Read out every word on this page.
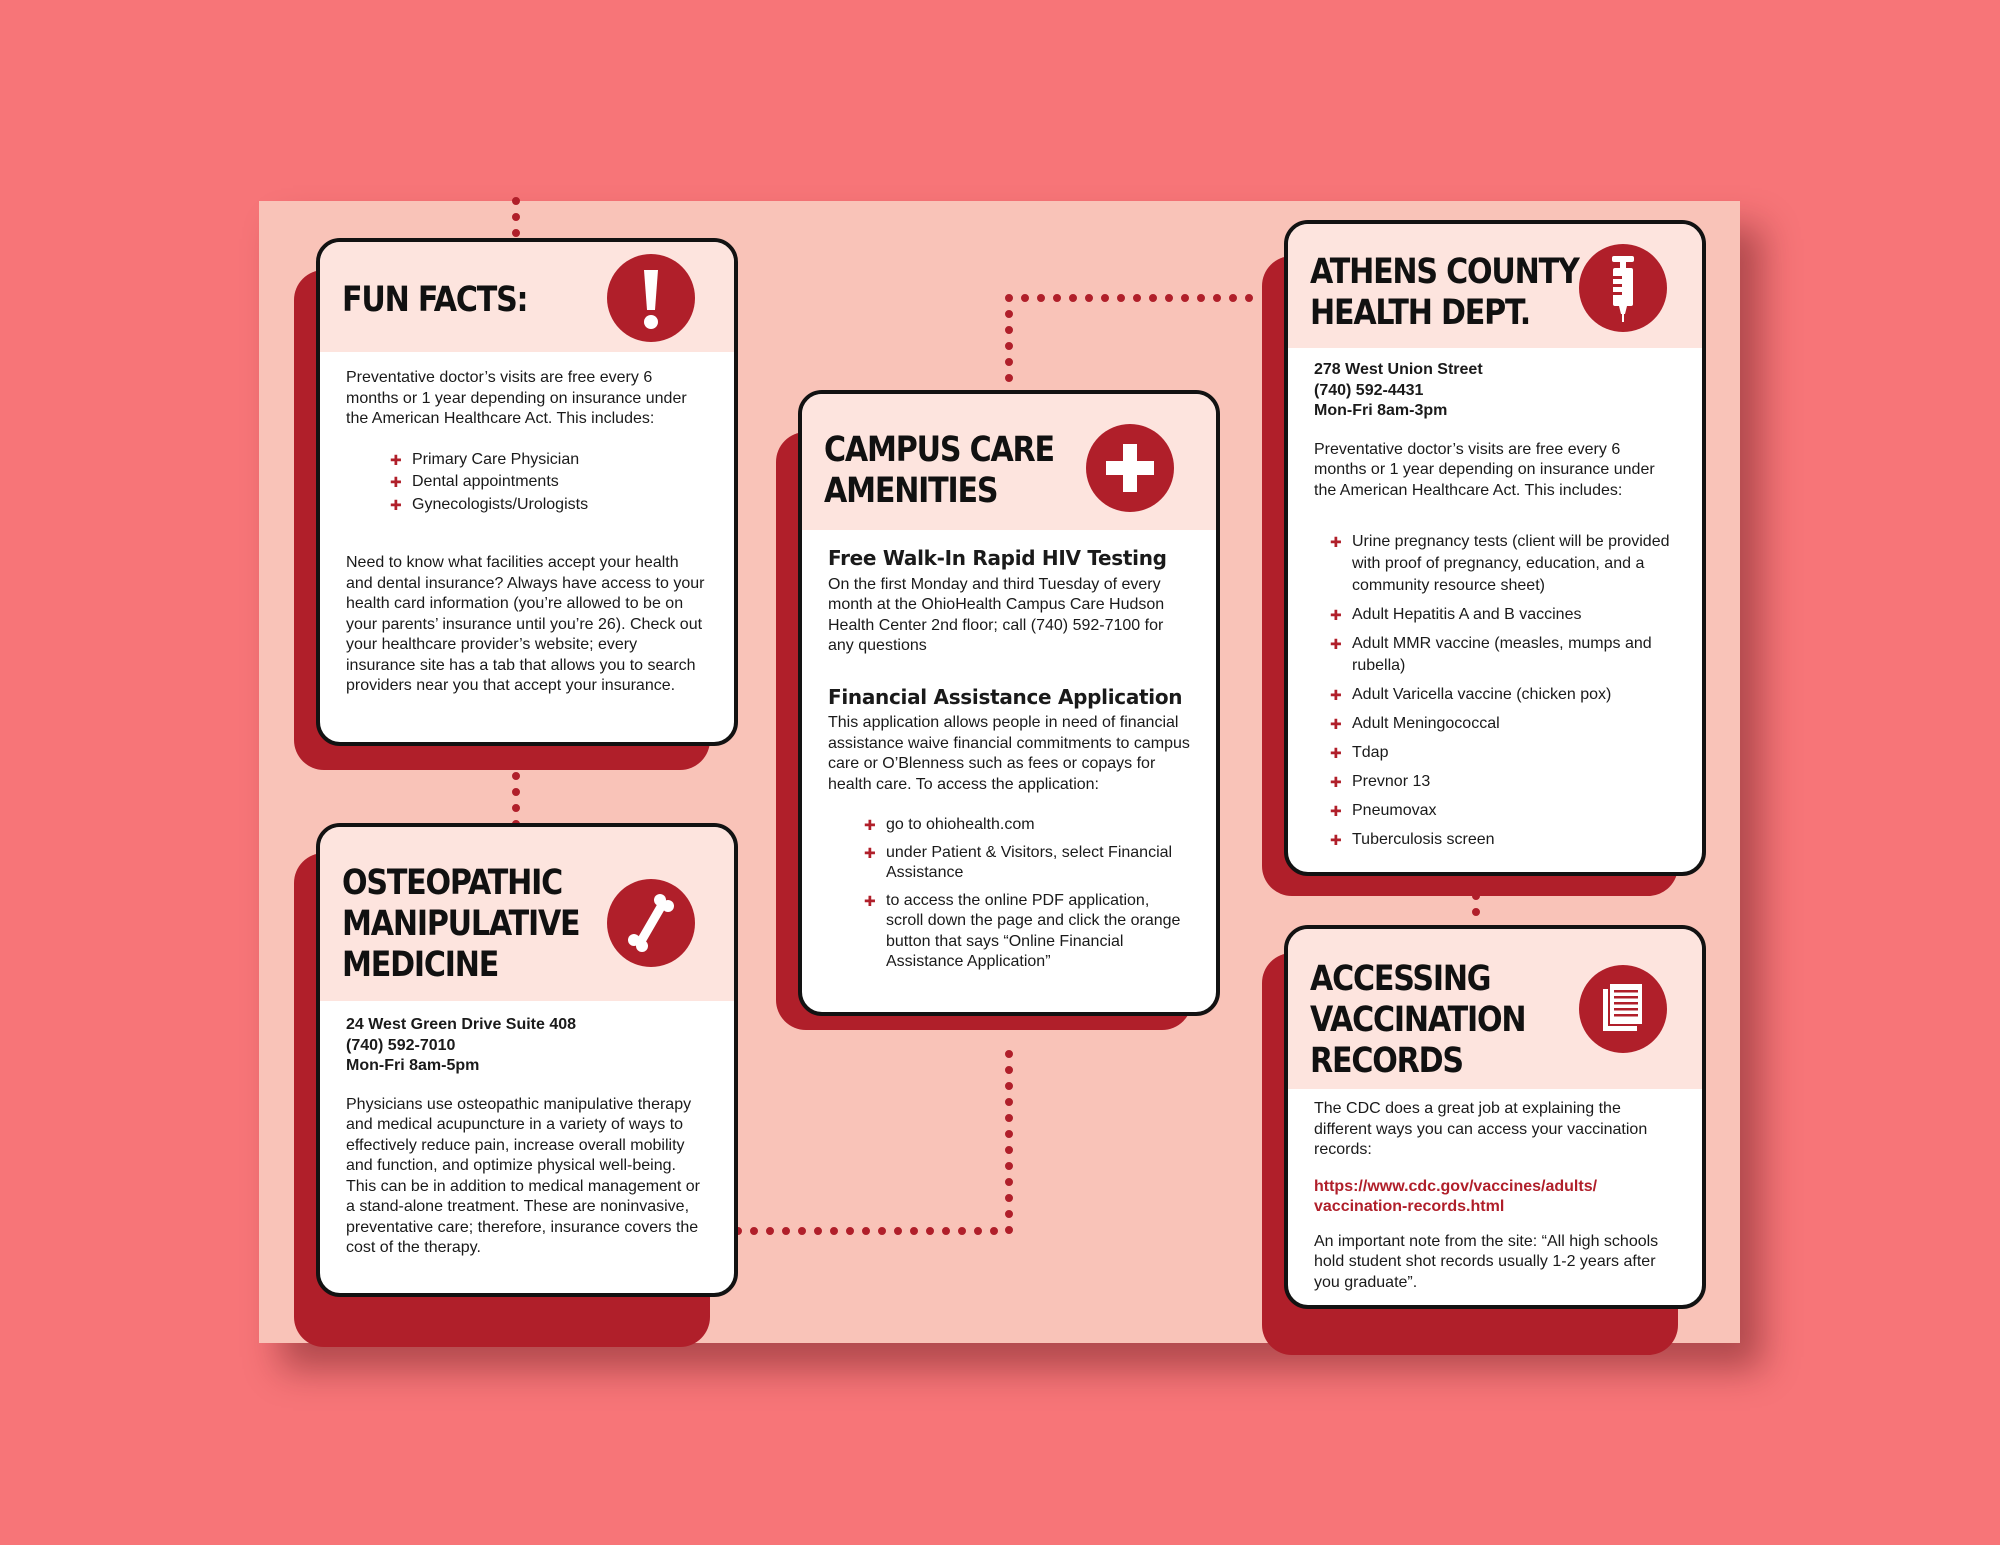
FUN FACTS:

Preventative doctor’s visits are free every 6 months or 1 year depending on insurance under the American Healthcare Act. This includes:

✚ Primary Care Physician
✚ Dental appointments
✚ Gynecologists/Urologists

Need to know what facilities accept your health and dental insurance? Always have access to your health card information (you’re allowed to be on your parents’ insurance until you’re 26). Check out your healthcare provider’s website; every insurance site has a tab that allows you to search providers near you that accept your insurance.

OSTEOPATHIC
MANIPULATIVE
MEDICINE
24 West Green Drive Suite 408
(740) 592-7010
Mon-Fri 8am-5pm

Physicians use osteopathic manipulative therapy and medical acupuncture in a variety of ways to effectively reduce pain, increase overall mobility and function, and optimize physical well-being. This can be in addition to medical management or a stand-alone treatment. These are noninvasive, preventative care; therefore, insurance covers the cost of the therapy.

CAMPUS CARE
AMENITIES
Free Walk-In Rapid HIV Testing

On the first Monday and third Tuesday of every month at the OhioHealth Campus Care Hudson Health Center 2nd floor; call (740) 592-7100 for any questions

Financial Assistance Application

This application allows people in need of financial assistance waive financial commitments to campus care or O’Blenness such as fees or copays for health care. To access the application:

✚ go to ohiohealth.com
✚ under Patient & Visitors, select Financial Assistance
✚ to access the online PDF application, scroll down the page and click the orange button that says “Online Financial Assistance Application”
ATHENS COUNTY
HEALTH DEPT.
278 West Union Street
(740) 592-4431
Mon-Fri 8am-3pm

Preventative doctor’s visits are free every 6 months or 1 year depending on insurance under the American Healthcare Act. This includes:

✚ Urine pregnancy tests (client will be provided with proof of pregnancy, education, and a community resource sheet)
✚ Adult Hepatitis A and B vaccines
✚ Adult MMR vaccine (measles, mumps and rubella)
✚ Adult Varicella vaccine (chicken pox)
✚ Adult Meningococcal
✚ Tdap
✚ Prevnor 13
✚ Pneumovax
✚ Tuberculosis screen
ACCESSING
VACCINATION
RECORDS

The CDC does a great job at explaining the different ways you can access your vaccination records:

https://www.cdc.gov/vaccines/adults/
vaccination-records.html

An important note from the site: “All high schools hold student shot records usually 1-2 years after you graduate”.
